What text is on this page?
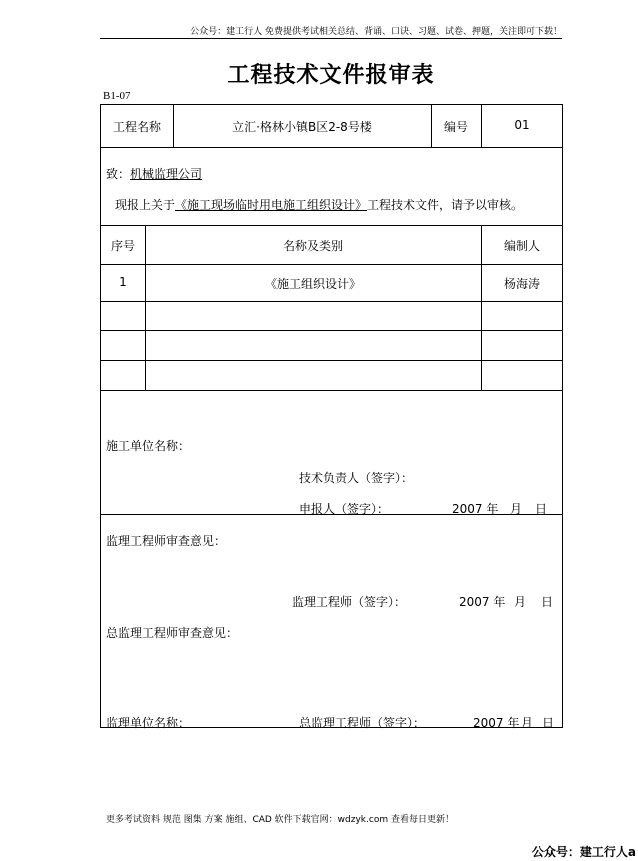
公众号：建工行人 免费提供考试相关总结、背诵、口诀、习题、试卷、押题，关注即可下载！
工程技术文件报审表
B1-07
工程名称	立汇·格林小镇B区2-8号楼	编号	01
致：机械监理公司
现报上关于《施工现场临时用电施工组织设计》工程技术文件，请予以审核。
序号	名称及类别	编制人
1	《施工组织设计》	杨海涛
施工单位名称：
技术负责人（签字）：
申报人（签字）：	2007 年 月 日
监理工程师审查意见：
监理工程师（签字）：	2007 年 月 日
总监理工程师审查意见：
监理单位名称：	总监理工程师（签字）：	2007 年 月 日
更多考试资料 规范 图集 方案 施组、CAD 软件下载官网：wdzyk.com 查看每日更新！
公众号：建工行人a
